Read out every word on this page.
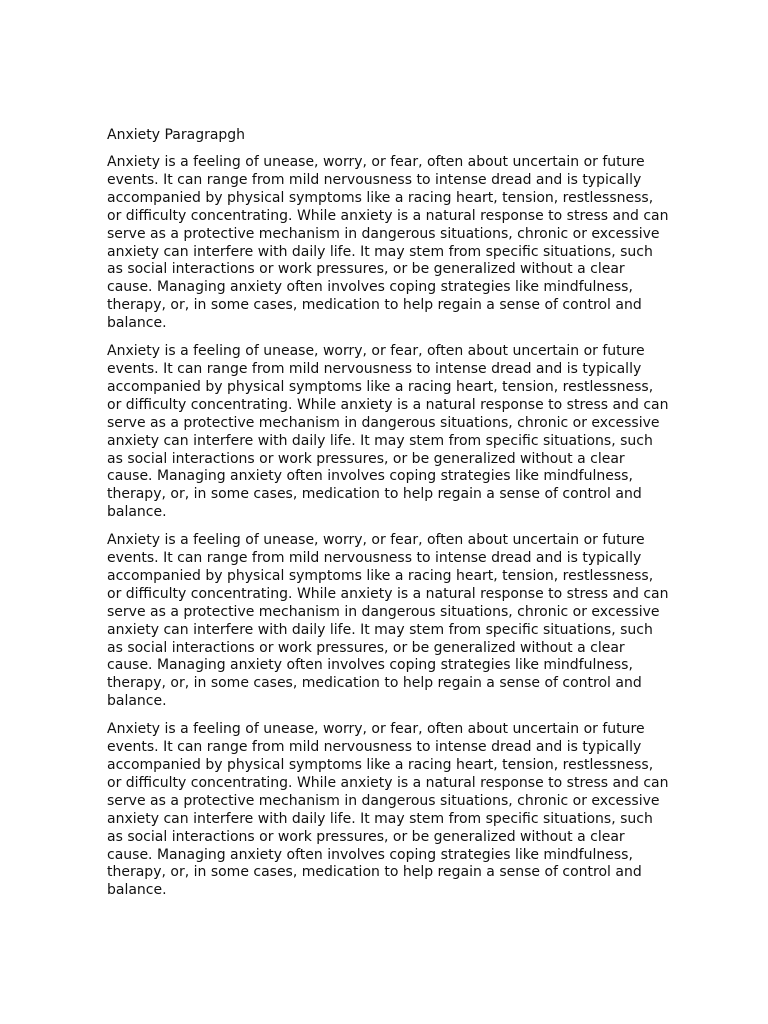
Anxiety Paragrapgh

Anxiety is a feeling of unease, worry, or fear, often about uncertain or future events. It can range from mild nervousness to intense dread and is typically accompanied by physical symptoms like a racing heart, tension, restlessness, or difficulty concentrating. While anxiety is a natural response to stress and can serve as a protective mechanism in dangerous situations, chronic or excessive anxiety can interfere with daily life. It may stem from specific situations, such as social interactions or work pressures, or be generalized without a clear cause. Managing anxiety often involves coping strategies like mindfulness, therapy, or, in some cases, medication to help regain a sense of control and balance.

Anxiety is a feeling of unease, worry, or fear, often about uncertain or future events. It can range from mild nervousness to intense dread and is typically accompanied by physical symptoms like a racing heart, tension, restlessness, or difficulty concentrating. While anxiety is a natural response to stress and can serve as a protective mechanism in dangerous situations, chronic or excessive anxiety can interfere with daily life. It may stem from specific situations, such as social interactions or work pressures, or be generalized without a clear cause. Managing anxiety often involves coping strategies like mindfulness, therapy, or, in some cases, medication to help regain a sense of control and balance.

Anxiety is a feeling of unease, worry, or fear, often about uncertain or future events. It can range from mild nervousness to intense dread and is typically accompanied by physical symptoms like a racing heart, tension, restlessness, or difficulty concentrating. While anxiety is a natural response to stress and can serve as a protective mechanism in dangerous situations, chronic or excessive anxiety can interfere with daily life. It may stem from specific situations, such as social interactions or work pressures, or be generalized without a clear cause. Managing anxiety often involves coping strategies like mindfulness, therapy, or, in some cases, medication to help regain a sense of control and balance.

Anxiety is a feeling of unease, worry, or fear, often about uncertain or future events. It can range from mild nervousness to intense dread and is typically accompanied by physical symptoms like a racing heart, tension, restlessness, or difficulty concentrating. While anxiety is a natural response to stress and can serve as a protective mechanism in dangerous situations, chronic or excessive anxiety can interfere with daily life. It may stem from specific situations, such as social interactions or work pressures, or be generalized without a clear cause. Managing anxiety often involves coping strategies like mindfulness, therapy, or, in some cases, medication to help regain a sense of control and balance.
